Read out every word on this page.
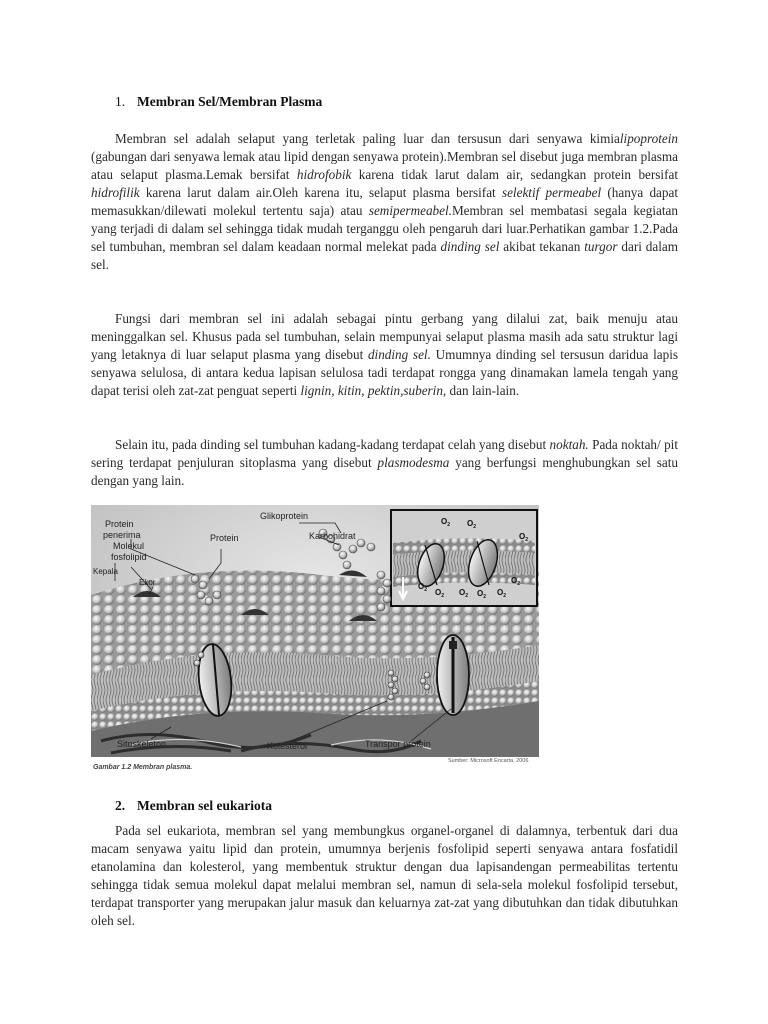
1. Membran Sel/Membran Plasma
Membran sel adalah selaput yang terletak paling luar dan tersusun dari senyawa kimialipoprotein (gabungan dari senyawa lemak atau lipid dengan senyawa protein).Membran sel disebut juga membran plasma atau selaput plasma.Lemak bersifat hidrofobik karena tidak larut dalam air, sedangkan protein bersifat hidrofilik karena larut dalam air.Oleh karena itu, selaput plasma bersifat selektif permeabel (hanya dapat memasukkan/dilewati molekul tertentu saja) atau semipermeabel.Membran sel membatasi segala kegiatan yang terjadi di dalam sel sehingga tidak mudah terganggu oleh pengaruh dari luar.Perhatikan gambar 1.2.Pada sel tumbuhan, membran sel dalam keadaan normal melekat pada dinding sel akibat tekanan turgor dari dalam sel.
Fungsi dari membran sel ini adalah sebagai pintu gerbang yang dilalui zat, baik menuju atau meninggalkan sel. Khusus pada sel tumbuhan, selain mempunyai selaput plasma masih ada satu struktur lagi yang letaknya di luar selaput plasma yang disebut dinding sel. Umumnya dinding sel tersusun daridua lapis senyawa selulosa, di antara kedua lapisan selulosa tadi terdapat rongga yang dinamakan lamela tengah yang dapat terisi oleh zat-zat penguat seperti lignin, kitin, pektin,suberin, dan lain-lain.
Selain itu, pada dinding sel tumbuhan kadang-kadang terdapat celah yang disebut noktah. Pada noktah/ pit sering terdapat penjuluran sitoplasma yang disebut plasmodesma yang berfungsi menghubungkan sel satu dengan yang lain.
$O_2$ $O_2$
$O_2$
$O_2$ $O_2$ $O_2$ $O_2$ $O_2$
$O_2$
Glikoprotein
Protein
penerima
Molekul
fosfolipid
Protein	Karbohidrat
Kepala
Ekor
Sitoskeleton	Kolesterol	Transpor protein
Gambar 1.2 Membran plasma.
Sumber: Microsoft Encarta, 2006
2. Membran sel eukariota
Pada sel eukariota, membran sel yang membungkus organel-organel di dalamnya, terbentuk dari dua macam senyawa yaitu lipid dan protein, umumnya berjenis fosfolipid seperti senyawa antara fosfatidil etanolamina dan kolesterol, yang membentuk struktur dengan dua lapisandengan permeabilitas tertentu sehingga tidak semua molekul dapat melalui membran sel, namun di sela-sela molekul fosfolipid tersebut, terdapat transporter yang merupakan jalur masuk dan keluarnya zat-zat yang dibutuhkan dan tidak dibutuhkan oleh sel.
